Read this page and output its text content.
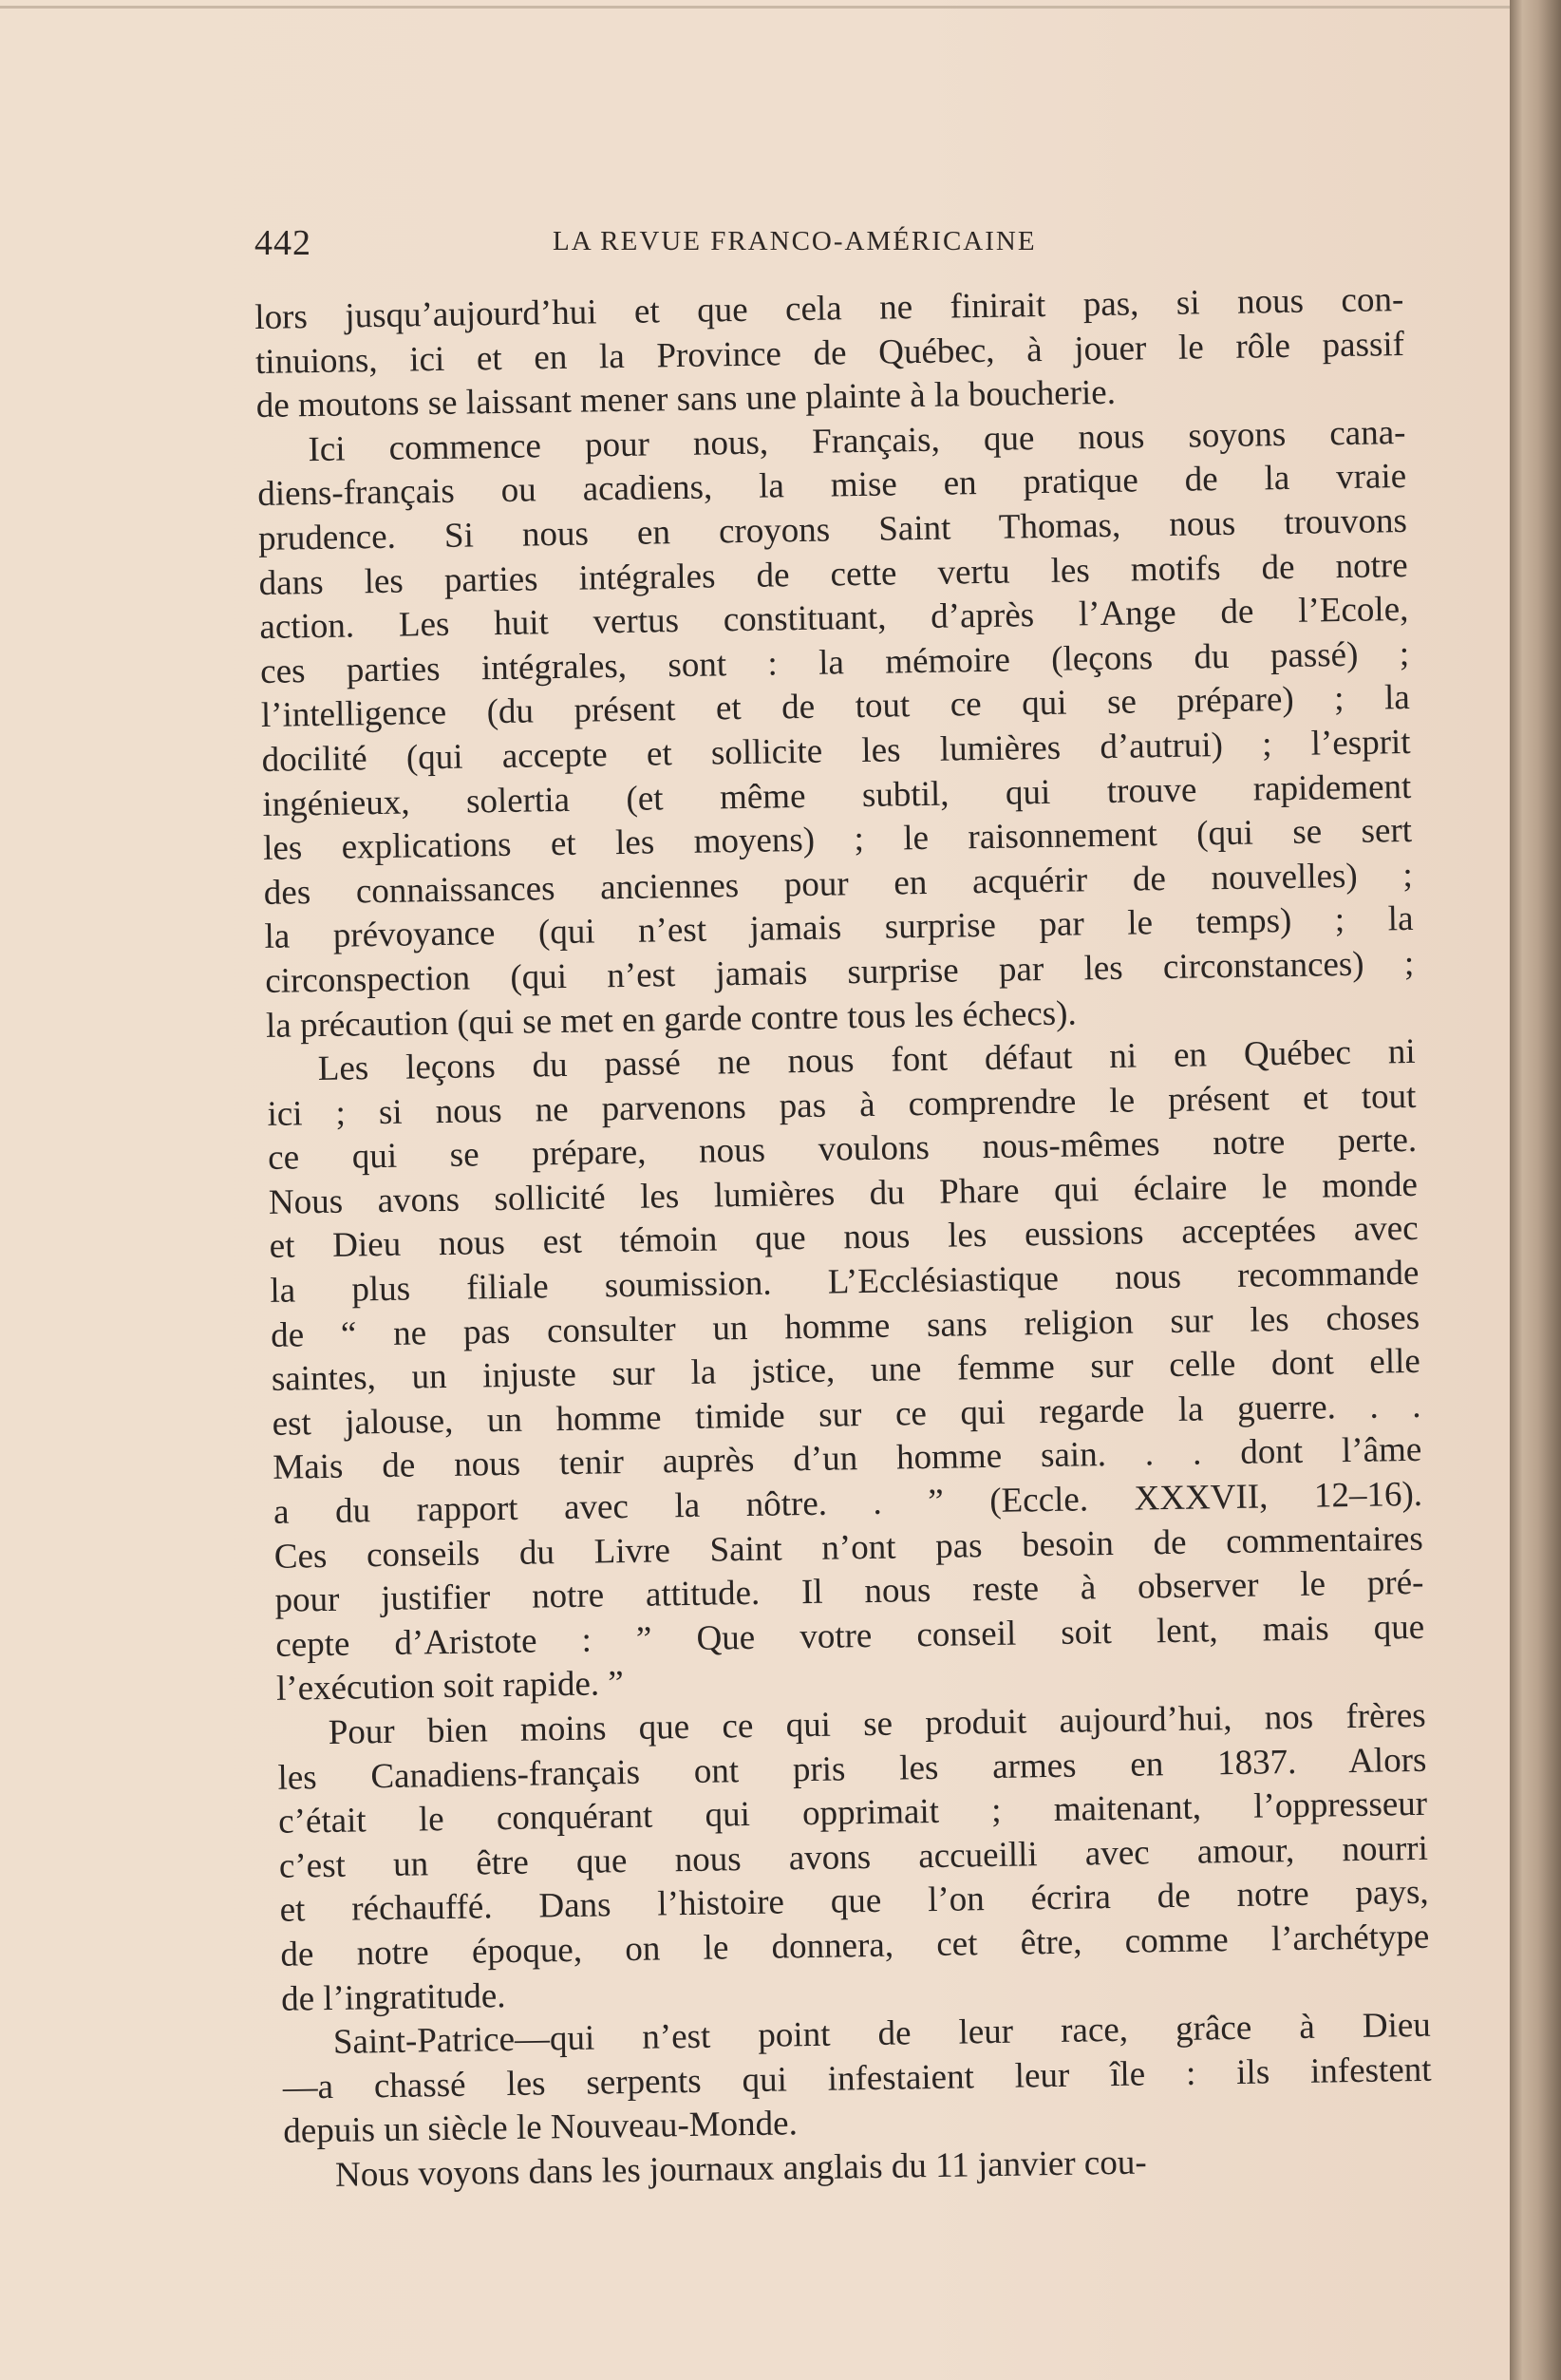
442	LA REVUE FRANCO-AMÉRICAINE
lors jusqu’aujourd’hui et que cela ne finirait pas, si nous con-
tinuions, ici et en la Province de Québec, à jouer le rôle passif
de moutons se laissant mener sans une plainte à la boucherie.
Ici commence pour nous, Français, que nous soyons cana-
diens-français ou acadiens, la mise en pratique de la vraie
prudence. Si nous en croyons Saint Thomas, nous trouvons
dans les parties intégrales de cette vertu les motifs de notre
action. Les huit vertus constituant, d’après l’Ange de l’Ecole,
ces parties intégrales, sont : la mémoire (leçons du passé) ;
l’intelligence (du présent et de tout ce qui se prépare) ; la
docilité (qui accepte et sollicite les lumières d’autrui) ; l’esprit
ingénieux, solertia (et même subtil, qui trouve rapidement
les explications et les moyens) ; le raisonnement (qui se sert
des connaissances anciennes pour en acquérir de nouvelles) ;
la prévoyance (qui n’est jamais surprise par le temps) ; la
circonspection (qui n’est jamais surprise par les circonstances) ;
la précaution (qui se met en garde contre tous les échecs).
Les leçons du passé ne nous font défaut ni en Québec ni
ici ; si nous ne parvenons pas à comprendre le présent et tout
ce qui se prépare, nous voulons nous-mêmes notre perte.
Nous avons sollicité les lumières du Phare qui éclaire le monde
et Dieu nous est témoin que nous les eussions acceptées avec
la plus filiale soumission. L’Ecclésiastique nous recommande
de “ ne pas consulter un homme sans religion sur les choses
saintes, un injuste sur la jstice, une femme sur celle dont elle
est jalouse, un homme timide sur ce qui regarde la guerre. . .
Mais de nous tenir auprès d’un homme sain. . . dont l’âme
a du rapport avec la nôtre. . ” (Eccle. XXXVII, 12–16).
Ces conseils du Livre Saint n’ont pas besoin de commentaires
pour justifier notre attitude. Il nous reste à observer le pré-
cepte d’Aristote : ” Que votre conseil soit lent, mais que
l’exécution soit rapide. ”
Pour bien moins que ce qui se produit aujourd’hui, nos frères
les Canadiens-français ont pris les armes en 1837. Alors
c’était le conquérant qui opprimait ; maitenant, l’oppresseur
c’est un être que nous avons accueilli avec amour, nourri
et réchauffé. Dans l’histoire que l’on écrira de notre pays,
de notre époque, on le donnera, cet être, comme l’archétype
de l’ingratitude.
Saint-Patrice—qui n’est point de leur race, grâce à Dieu
—a chassé les serpents qui infestaient leur île : ils infestent
depuis un siècle le Nouveau-Monde.
Nous voyons dans les journaux anglais du 11 janvier cou-
